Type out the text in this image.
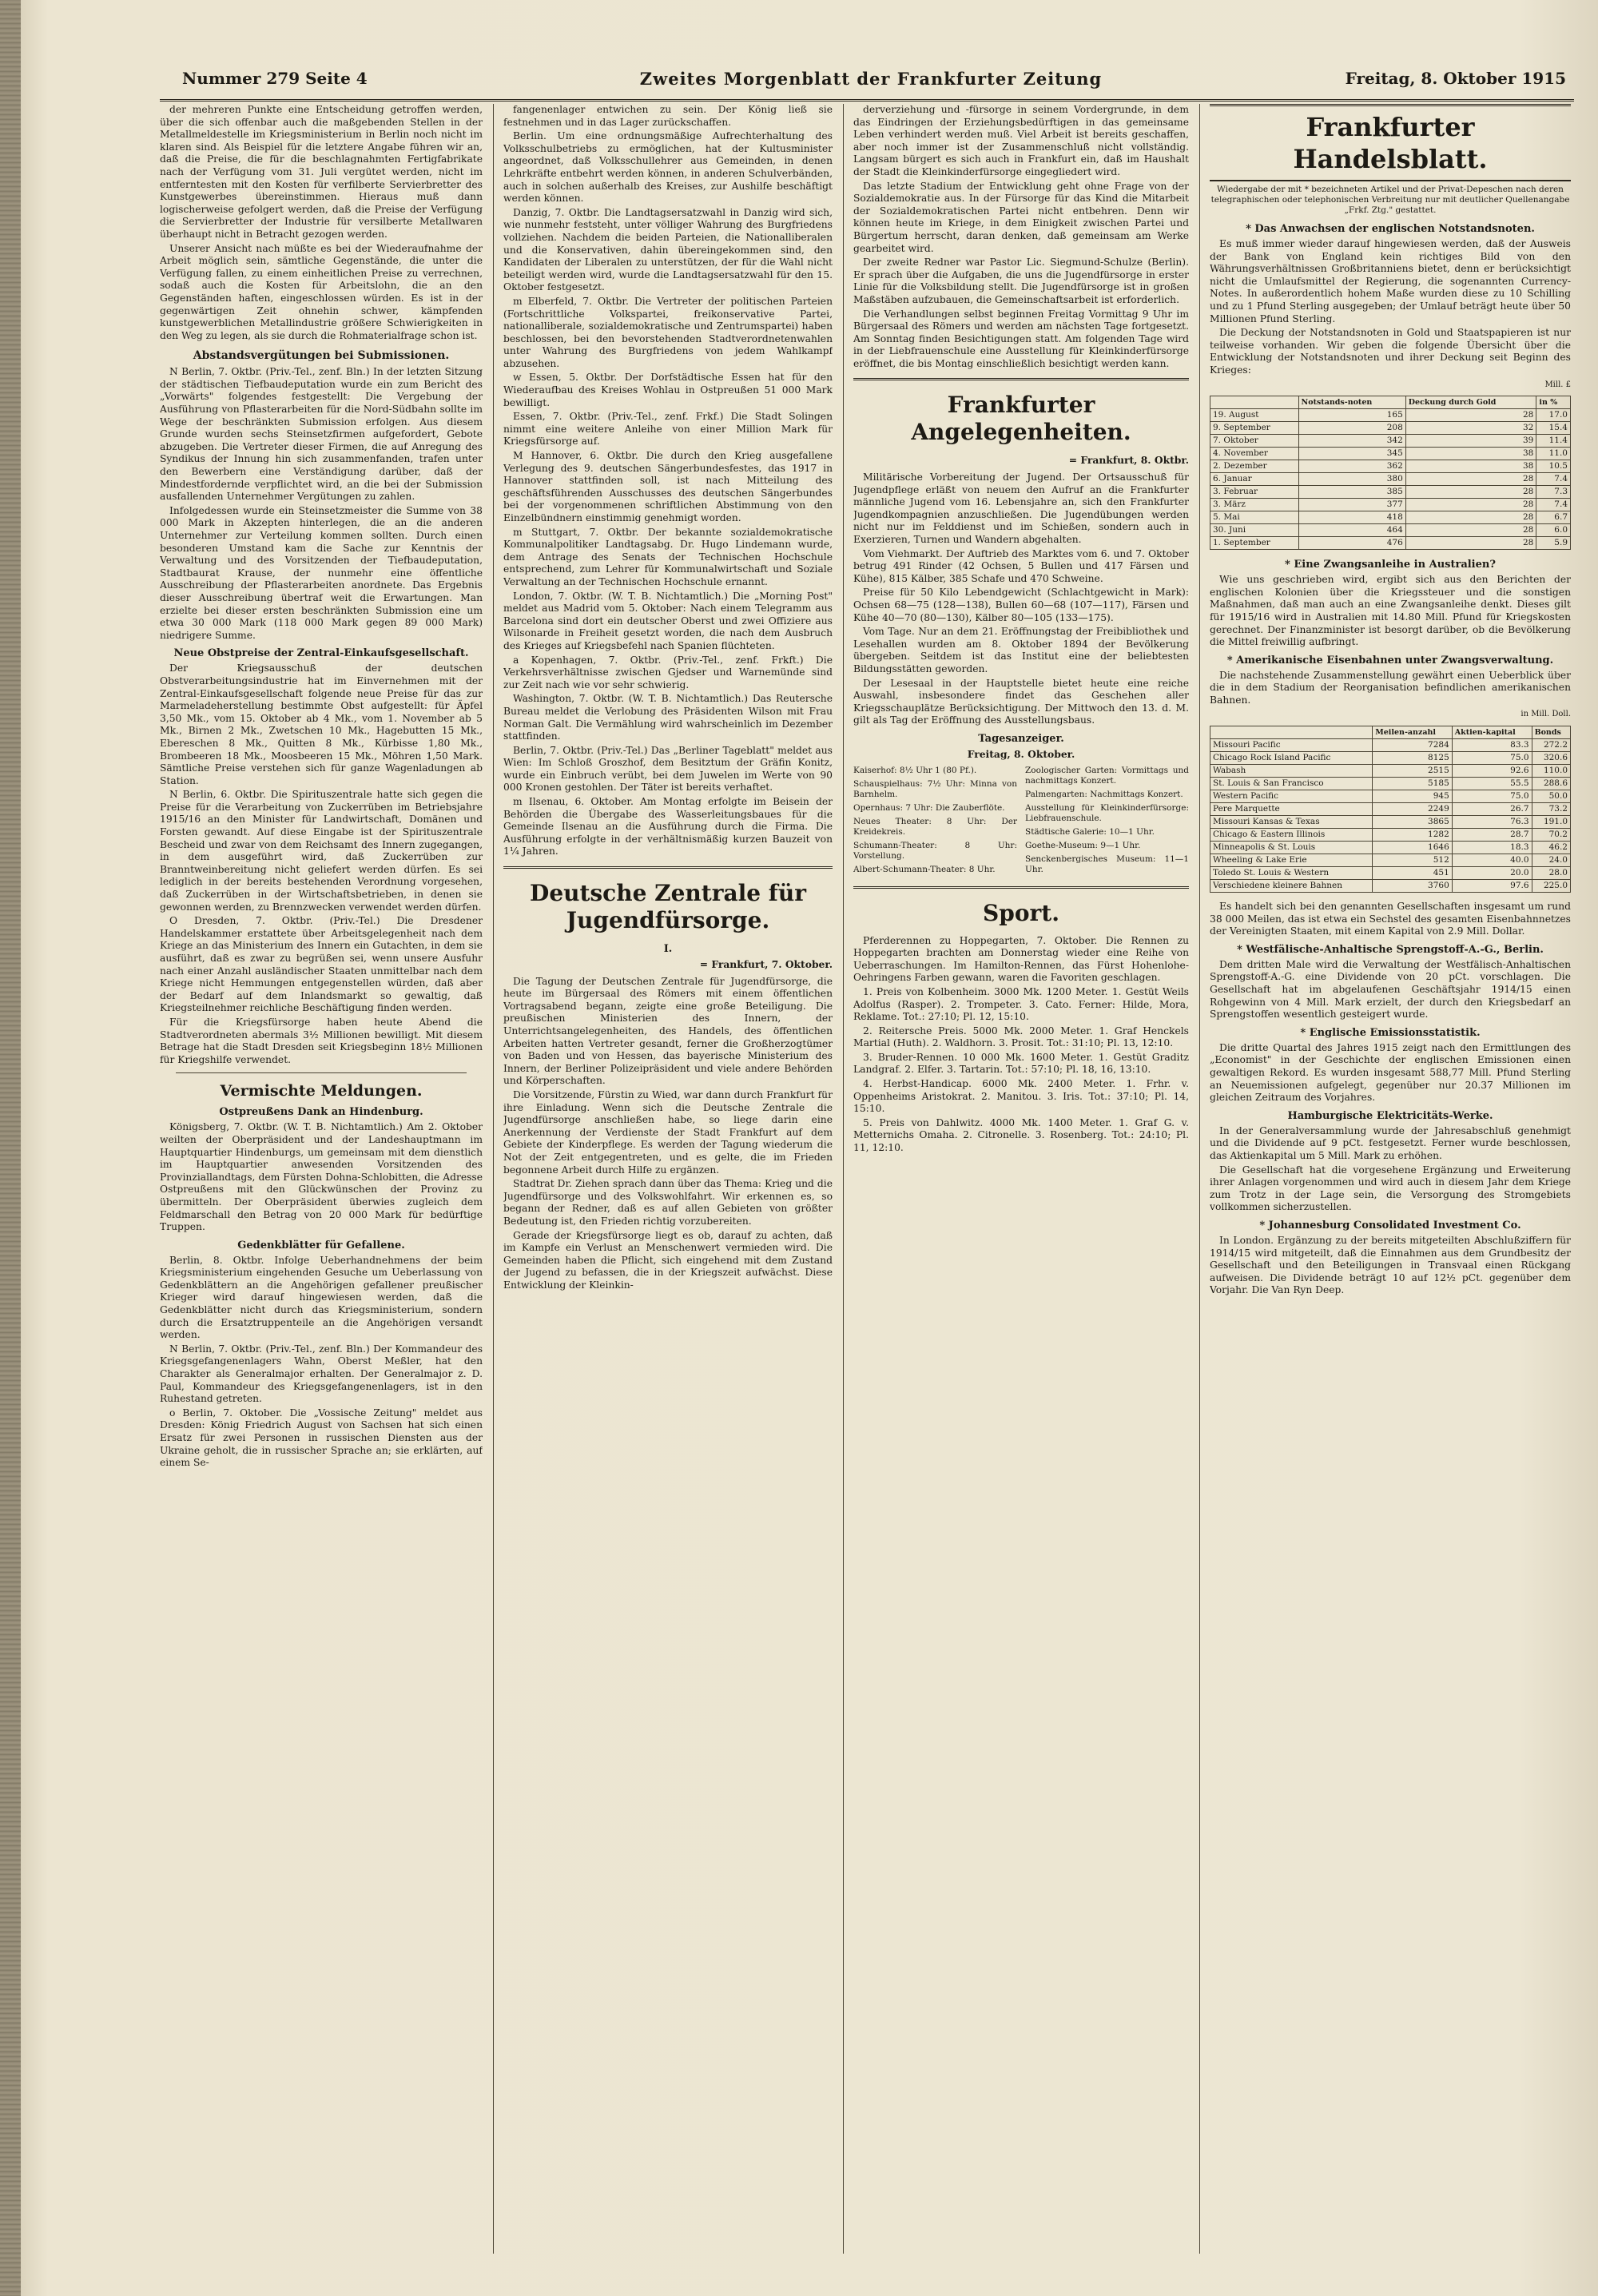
Nummer 279 Seite 4	Zweites Morgenblatt der Frankfurter Zeitung	Freitag, 8. Oktober 1915

der mehreren Punkte eine Entscheidung getroffen werden, über die sich offenbar auch die maßgebenden Stellen in der Metallmeldestelle im Kriegsministerium in Berlin noch nicht im klaren sind. Als Beispiel für die letztere Angabe führen wir an, daß die Preise, die für die beschlagnahmten Fertigfabrikate nach der Verfügung vom 31. Juli vergütet werden, nicht im entferntesten mit den Kosten für verfilberte Servierbretter des Kunstgewerbes übereinstimmen. Hieraus muß dann logischerweise gefolgert werden, daß die Preise der Verfügung die Servierbretter der Industrie für versilberte Metallwaren überhaupt nicht in Betracht gezogen werden.

Unserer Ansicht nach müßte es bei der Wiederaufnahme der Arbeit möglich sein, sämtliche Gegenstände, die unter die Verfügung fallen, zu einem einheitlichen Preise zu verrechnen, sodaß auch die Kosten für Arbeitslohn, die an den Gegenständen haften, eingeschlossen würden. Es ist in der gegenwärtigen Zeit ohnehin schwer, kämpfenden kunstgewerblichen Metallindustrie größere Schwierigkeiten in den Weg zu legen, als sie durch die Rohmaterialfrage schon ist.

Abstandsvergütungen bei Submissionen.

N Berlin, 7. Oktbr. (Priv.-Tel., zenf. Bln.) In der letzten Sitzung der städtischen Tiefbaudeputation wurde ein zum Bericht des „Vorwärts" folgendes festgestellt: Die Vergebung der Ausführung von Pflasterarbeiten für die Nord-Südbahn sollte im Wege der beschränkten Submission erfolgen. Aus diesem Grunde wurden sechs Steinsetzfirmen aufgefordert, Gebote abzugeben. Die Vertreter dieser Firmen, die auf Anregung des Syndikus der Innung hin sich zusammenfanden, trafen unter den Bewerbern eine Verständigung darüber, daß der Mindestfordernde verpflichtet wird, an die bei der Submission ausfallenden Unternehmer Vergütungen zu zahlen.

Infolgedessen wurde ein Steinsetzmeister die Summe von 38 000 Mark in Akzepten hinterlegen, die an die anderen Unternehmer zur Verteilung kommen sollten. Durch einen besonderen Umstand kam die Sache zur Kenntnis der Verwaltung und des Vorsitzenden der Tiefbaudeputation, Stadtbaurat Krause, der nunmehr eine öffentliche Ausschreibung der Pflasterarbeiten anordnete. Das Ergebnis dieser Ausschreibung übertraf weit die Erwartungen. Man erzielte bei dieser ersten beschränkten Submission eine um etwa 30 000 Mark (118 000 Mark gegen 89 000 Mark) niedrigere Summe.

Neue Obstpreise der Zentral-Einkaufsgesellschaft.

Der Kriegsausschuß der deutschen Obstverarbeitungsindustrie hat im Einvernehmen mit der Zentral-Einkaufsgesellschaft folgende neue Preise für das zur Marmeladeherstellung bestimmte Obst aufgestellt: für Äpfel 3,50 Mk., vom 15. Oktober ab 4 Mk., vom 1. November ab 5 Mk., Birnen 2 Mk., Zwetschen 10 Mk., Hagebutten 15 Mk., Ebereschen 8 Mk., Quitten 8 Mk., Kürbisse 1,80 Mk., Brombeeren 18 Mk., Moosbeeren 15 Mk., Möhren 1,50 Mark. Sämtliche Preise verstehen sich für ganze Wagenladungen ab Station.

N Berlin, 6. Oktbr. Die Spirituszentrale hatte sich gegen die Preise für die Verarbeitung von Zuckerrüben im Betriebsjahre 1915/16 an den Minister für Landwirtschaft, Domänen und Forsten gewandt. Auf diese Eingabe ist der Spirituszentrale Bescheid und zwar von dem Reichsamt des Innern zugegangen, in dem ausgeführt wird, daß Zuckerrüben zur Branntweinbereitung nicht geliefert werden dürfen. Es sei lediglich in der bereits bestehenden Verordnung vorgesehen, daß Zuckerrüben in der Wirtschaftsbetrieben, in denen sie gewonnen werden, zu Brennzwecken verwendet werden dürfen.

O Dresden, 7. Oktbr. (Priv.-Tel.) Die Dresdener Handelskammer erstattete über Arbeitsgelegenheit nach dem Kriege an das Ministerium des Innern ein Gutachten, in dem sie ausführt, daß es zwar zu begrüßen sei, wenn unsere Ausfuhr nach einer Anzahl ausländischer Staaten unmittelbar nach dem Kriege nicht Hemmungen entgegenstellen würden, daß aber der Bedarf auf dem Inlandsmarkt so gewaltig, daß Kriegsteilnehmer reichliche Beschäftigung finden werden.

Für die Kriegsfürsorge haben heute Abend die Stadtverordneten abermals 3½ Millionen bewilligt. Mit diesem Betrage hat die Stadt Dresden seit Kriegsbeginn 18½ Millionen für Kriegshilfe verwendet.

Vermischte Meldungen.
Ostpreußens Dank an Hindenburg.

Königsberg, 7. Oktbr. (W. T. B. Nichtamtlich.) Am 2. Oktober weilten der Oberpräsident und der Landeshauptmann im Hauptquartier Hindenburgs, um gemeinsam mit dem dienstlich im Hauptquartier anwesenden Vorsitzenden des Provinziallandtags, dem Fürsten Dohna-Schlobitten, die Adresse Ostpreußens mit den Glückwünschen der Provinz zu übermitteln. Der Oberpräsident überwies zugleich dem Feldmarschall den Betrag von 20 000 Mark für bedürftige Truppen.

Gedenkblätter für Gefallene.

Berlin, 8. Oktbr. Infolge Ueberhandnehmens der beim Kriegsministerium eingehenden Gesuche um Ueberlassung von Gedenkblättern an die Angehörigen gefallener preußischer Krieger wird darauf hingewiesen werden, daß die Gedenkblätter nicht durch das Kriegsministerium, sondern durch die Ersatztruppenteile an die Angehörigen versandt werden.

N Berlin, 7. Oktbr. (Priv.-Tel., zenf. Bln.) Der Kommandeur des Kriegsgefangenenlagers Wahn, Oberst Meßler, hat den Charakter als Generalmajor erhalten. Der Generalmajor z. D. Paul, Kommandeur des Kriegsgefangenenlagers, ist in den Ruhestand getreten.

o Berlin, 7. Oktober. Die „Vossische Zeitung" meldet aus Dresden: König Friedrich August von Sachsen hat sich einen Ersatz für zwei Personen in russischen Diensten aus der Ukraine geholt, die in russischer Sprache an; sie erklärten, auf einem Se-

fangenenlager entwichen zu sein. Der König ließ sie festnehmen und in das Lager zurückschaffen.

Berlin. Um eine ordnungsmäßige Aufrechterhaltung des Volksschulbetriebs zu ermöglichen, hat der Kultusminister angeordnet, daß Volksschullehrer aus Gemeinden, in denen Lehrkräfte entbehrt werden können, in anderen Schulverbänden, auch in solchen außerhalb des Kreises, zur Aushilfe beschäftigt werden können.

Danzig, 7. Oktbr. Die Landtagsersatzwahl in Danzig wird sich, wie nunmehr feststeht, unter völliger Wahrung des Burgfriedens vollziehen. Nachdem die beiden Parteien, die Nationalliberalen und die Konservativen, dahin übereingekommen sind, den Kandidaten der Liberalen zu unterstützen, der für die Wahl nicht beteiligt werden wird, wurde die Landtagsersatzwahl für den 15. Oktober festgesetzt.

m Elberfeld, 7. Oktbr. Die Vertreter der politischen Parteien (Fortschrittliche Volkspartei, freikonservative Partei, nationalliberale, sozialdemokratische und Zentrumspartei) haben beschlossen, bei den bevorstehenden Stadtverordnetenwahlen unter Wahrung des Burgfriedens von jedem Wahlkampf abzusehen.

w Essen, 5. Oktbr. Der Dorfstädtische Essen hat für den Wiederaufbau des Kreises Wohlau in Ostpreußen 51 000 Mark bewilligt.

Essen, 7. Oktbr. (Priv.-Tel., zenf. Frkf.) Die Stadt Solingen nimmt eine weitere Anleihe von einer Million Mark für Kriegsfürsorge auf.

M Hannover, 6. Oktbr. Die durch den Krieg ausgefallene Verlegung des 9. deutschen Sängerbundesfestes, das 1917 in Hannover stattfinden soll, ist nach Mitteilung des geschäftsführenden Ausschusses des deutschen Sängerbundes bei der vorgenommenen schriftlichen Abstimmung von den Einzelbündnern einstimmig genehmigt worden.

m Stuttgart, 7. Oktbr. Der bekannte sozialdemokratische Kommunalpolitiker Landtagsabg. Dr. Hugo Lindemann wurde, dem Antrage des Senats der Technischen Hochschule entsprechend, zum Lehrer für Kommunalwirtschaft und Soziale Verwaltung an der Technischen Hochschule ernannt.

London, 7. Oktbr. (W. T. B. Nichtamtlich.) Die „Morning Post" meldet aus Madrid vom 5. Oktober: Nach einem Telegramm aus Barcelona sind dort ein deutscher Oberst und zwei Offiziere aus Wilsonarde in Freiheit gesetzt worden, die nach dem Ausbruch des Krieges auf Kriegsbefehl nach Spanien flüchteten.

a Kopenhagen, 7. Oktbr. (Priv.-Tel., zenf. Frkft.) Die Verkehrsverhältnisse zwischen Gjedser und Warnemünde sind zur Zeit nach wie vor sehr schwierig.

Washington, 7. Oktbr. (W. T. B. Nichtamtlich.) Das Reutersche Bureau meldet die Verlobung des Präsidenten Wilson mit Frau Norman Galt. Die Vermählung wird wahrscheinlich im Dezember stattfinden.

Berlin, 7. Oktbr. (Priv.-Tel.) Das „Berliner Tageblatt" meldet aus Wien: Im Schloß Groszhof, dem Besitztum der Gräfin Konitz, wurde ein Einbruch verübt, bei dem Juwelen im Werte von 90 000 Kronen gestohlen. Der Täter ist bereits verhaftet.

m Ilsenau, 6. Oktober. Am Montag erfolgte im Beisein der Behörden die Übergabe des Wasserleitungsbaues für die Gemeinde Ilsenau an die Ausführung durch die Firma. Die Ausführung erfolgte in der verhältnismäßig kurzen Bauzeit von 1¼ Jahren.

Deutsche Zentrale für Jugendfürsorge.
I.

= Frankfurt, 7. Oktober.

Die Tagung der Deutschen Zentrale für Jugendfürsorge, die heute im Bürgersaal des Römers mit einem öffentlichen Vortragsabend begann, zeigte eine große Beteiligung. Die preußischen Ministerien des Innern, der Unterrichtsangelegenheiten, des Handels, des öffentlichen Arbeiten hatten Vertreter gesandt, ferner die Großherzogtümer von Baden und von Hessen, das bayerische Ministerium des Innern, der Berliner Polizeipräsident und viele andere Behörden und Körperschaften.

Die Vorsitzende, Fürstin zu Wied, war dann durch Frankfurt für ihre Einladung. Wenn sich die Deutsche Zentrale die Jugendfürsorge anschließen habe, so liege darin eine Anerkennung der Verdienste der Stadt Frankfurt auf dem Gebiete der Kinderpflege. Es werden der Tagung wiederum die Not der Zeit entgegentreten, und es gelte, die im Frieden begonnene Arbeit durch Hilfe zu ergänzen.

Stadtrat Dr. Ziehen sprach dann über das Thema: Krieg und die Jugendfürsorge und des Volkswohlfahrt. Wir erkennen es, so begann der Redner, daß es auf allen Gebieten von größter Bedeutung ist, den Frieden richtig vorzubereiten.

Gerade der Kriegsfürsorge liegt es ob, darauf zu achten, daß im Kampfe ein Verlust an Menschenwert vermieden wird. Die Gemeinden haben die Pflicht, sich eingehend mit dem Zustand der Jugend zu befassen, die in der Kriegszeit aufwächst. Diese Entwicklung der Kleinkin-

derverziehung und -fürsorge in seinem Vordergrunde, in dem das Eindringen der Erziehungsbedürftigen in das gemeinsame Leben verhindert werden muß. Viel Arbeit ist bereits geschaffen, aber noch immer ist der Zusammenschluß nicht vollständig. Langsam bürgert es sich auch in Frankfurt ein, daß im Haushalt der Stadt die Kleinkinderfürsorge eingegliedert wird.

Das letzte Stadium der Entwicklung geht ohne Frage von der Sozialdemokratie aus. In der Fürsorge für das Kind die Mitarbeit der Sozialdemokratischen Partei nicht entbehren. Denn wir können heute im Kriege, in dem Einigkeit zwischen Partei und Bürgertum herrscht, daran denken, daß gemeinsam am Werke gearbeitet wird.

Der zweite Redner war Pastor Lic. Siegmund-Schulze (Berlin). Er sprach über die Aufgaben, die uns die Jugendfürsorge in erster Linie für die Volksbildung stellt. Die Jugendfürsorge ist in großen Maßstäben aufzubauen, die Gemeinschaftsarbeit ist erforderlich.

Die Verhandlungen selbst beginnen Freitag Vormittag 9 Uhr im Bürgersaal des Römers und werden am nächsten Tage fortgesetzt. Am Sonntag finden Besichtigungen statt. Am folgenden Tage wird in der Liebfrauenschule eine Ausstellung für Kleinkinderfürsorge eröffnet, die bis Montag einschließlich besichtigt werden kann.

Frankfurter Angelegenheiten.

= Frankfurt, 8. Oktbr.

Militärische Vorbereitung der Jugend. Der Ortsausschuß für Jugendpflege erläßt von neuem den Aufruf an die Frankfurter männliche Jugend vom 16. Lebensjahre an, sich den Frankfurter Jugendkompagnien anzuschließen. Die Jugendübungen werden nicht nur im Felddienst und im Schießen, sondern auch in Exerzieren, Turnen und Wandern abgehalten.

Vom Viehmarkt. Der Auftrieb des Marktes vom 6. und 7. Oktober betrug 491 Rinder (42 Ochsen, 5 Bullen und 417 Färsen und Kühe), 815 Kälber, 385 Schafe und 470 Schweine.

Preise für 50 Kilo Lebendgewicht (Schlachtgewicht in Mark): Ochsen 68—75 (128—138), Bullen 60—68 (107—117), Färsen und Kühe 40—70 (80—130), Kälber 80—105 (133—175).

Vom Tage. Nur an dem 21. Eröffnungstag der Freibibliothek und Lesehallen wurden am 8. Oktober 1894 der Bevölkerung übergeben. Seitdem ist das Institut eine der beliebtesten Bildungsstätten geworden.

Der Lesesaal in der Hauptstelle bietet heute eine reiche Auswahl, insbesondere findet das Geschehen aller Kriegsschauplätze Berücksichtigung. Der Mittwoch den 13. d. M. gilt als Tag der Eröffnung des Ausstellungsbaus.

Tagesanzeiger.

Freitag, 8. Oktober.

Kaiserhof: 8½ Uhr 1 (80 Pf.).
Schauspielhaus: 7½ Uhr: Minna von Barnhelm.
Opernhaus: 7 Uhr: Die Zauberflöte.
Neues Theater: 8 Uhr: Der Kreidekreis.
Schumann-Theater: 8 Uhr: Vorstellung.
Albert-Schumann-Theater: 8 Uhr.
Zoologischer Garten: Vormittags und nachmittags Konzert.
Palmengarten: Nachmittags Konzert.
Ausstellung für Kleinkinderfürsorge: Liebfrauenschule.
Städtische Galerie: 10—1 Uhr.
Goethe-Museum: 9—1 Uhr.
Senckenbergisches Museum: 11—1 Uhr.
Sport.

Pferderennen zu Hoppegarten, 7. Oktober. Die Rennen zu Hoppegarten brachten am Donnerstag wieder eine Reihe von Ueberraschungen. Im Hamilton-Rennen, das Fürst Hohenlohe-Oehringens Farben gewann, waren die Favoriten geschlagen.

1. Preis von Kolbenheim. 3000 Mk. 1200 Meter. 1. Gestüt Weils Adolfus (Rasper). 2. Trompeter. 3. Cato. Ferner: Hilde, Mora, Reklame. Tot.: 27:10; Pl. 12, 15:10.

2. Reitersche Preis. 5000 Mk. 2000 Meter. 1. Graf Henckels Martial (Huth). 2. Waldhorn. 3. Prosit. Tot.: 31:10; Pl. 13, 12:10.

3. Bruder-Rennen. 10 000 Mk. 1600 Meter. 1. Gestüt Graditz Landgraf. 2. Elfer. 3. Tartarin. Tot.: 57:10; Pl. 18, 16, 13:10.

4. Herbst-Handicap. 6000 Mk. 2400 Meter. 1. Frhr. v. Oppenheims Aristokrat. 2. Manitou. 3. Iris. Tot.: 37:10; Pl. 14, 15:10.

5. Preis von Dahlwitz. 4000 Mk. 1400 Meter. 1. Graf G. v. Metternichs Omaha. 2. Citronelle. 3. Rosenberg. Tot.: 24:10; Pl. 11, 12:10.

Frankfurter Handelsblatt.
Wiedergabe der mit * bezeichneten Artikel und der Privat-Depeschen nach deren telegraphischen oder telephonischen Verbreitung nur mit deutlicher Quellenangabe „Frkf. Ztg." gestattet.
* Das Anwachsen der englischen Notstandsnoten.

Es muß immer wieder darauf hingewiesen werden, daß der Ausweis der Bank von England kein richtiges Bild von den Währungsverhältnissen Großbritanniens bietet, denn er berücksichtigt nicht die Umlaufsmittel der Regierung, die sogenannten Currency-Notes. In außerordentlich hohem Maße wurden diese zu 10 Schilling und zu 1 Pfund Sterling ausgegeben; der Umlauf beträgt heute über 50 Millionen Pfund Sterling.

Die Deckung der Notstandsnoten in Gold und Staatspapieren ist nur teilweise vorhanden. Wir geben die folgende Übersicht über die Entwicklung der Notstandsnoten und ihrer Deckung seit Beginn des Krieges:

Mill. £
	Notstands-noten	Deckung durch Gold	in %
19. August	165	28	17.0
9. September	208	32	15.4
7. Oktober	342	39	11.4
4. November	345	38	11.0
2. Dezember	362	38	10.5
6. Januar	380	28	7.4
3. Februar	385	28	7.3
3. März	377	28	7.4
5. Mai	418	28	6.7
30. Juni	464	28	6.0
1. September	476	28	5.9
* Eine Zwangsanleihe in Australien?

Wie uns geschrieben wird, ergibt sich aus den Berichten der englischen Kolonien über die Kriegssteuer und die sonstigen Maßnahmen, daß man auch an eine Zwangsanleihe denkt. Dieses gilt für 1915/16 wird in Australien mit 14.80 Mill. Pfund für Kriegskosten gerechnet. Der Finanzminister ist besorgt darüber, ob die Bevölkerung die Mittel freiwillig aufbringt.

* Amerikanische Eisenbahnen unter Zwangsverwaltung.

Die nachstehende Zusammenstellung gewährt einen Ueberblick über die in dem Stadium der Reorganisation befindlichen amerikanischen Bahnen.

in Mill. Doll.
	Meilen-anzahl	Aktien-kapital	Bonds
Missouri Pacific	7284	83.3	272.2
Chicago Rock Island Pacific	8125	75.0	320.6
Wabash	2515	92.6	110.0
St. Louis & San Francisco	5185	55.5	288.6
Western Pacific	945	75.0	50.0
Pere Marquette	2249	26.7	73.2
Missouri Kansas & Texas	3865	76.3	191.0
Chicago & Eastern Illinois	1282	28.7	70.2
Minneapolis & St. Louis	1646	18.3	46.2
Wheeling & Lake Erie	512	40.0	24.0
Toledo St. Louis & Western	451	20.0	28.0
Verschiedene kleinere Bahnen	3760	97.6	225.0

Es handelt sich bei den genannten Gesellschaften insgesamt um rund 38 000 Meilen, das ist etwa ein Sechstel des gesamten Eisenbahnnetzes der Vereinigten Staaten, mit einem Kapital von 2.9 Mill. Dollar.

* Westfälische-Anhaltische Sprengstoff-A.-G., Berlin.

Dem dritten Male wird die Verwaltung der Westfälisch-Anhaltischen Sprengstoff-A.-G. eine Dividende von 20 pCt. vorschlagen. Die Gesellschaft hat im abgelaufenen Geschäftsjahr 1914/15 einen Rohgewinn von 4 Mill. Mark erzielt, der durch den Kriegsbedarf an Sprengstoffen wesentlich gesteigert wurde.

* Englische Emissionsstatistik.

Die dritte Quartal des Jahres 1915 zeigt nach den Ermittlungen des „Economist" in der Geschichte der englischen Emissionen einen gewaltigen Rekord. Es wurden insgesamt 588,77 Mill. Pfund Sterling an Neuemissionen aufgelegt, gegenüber nur 20.37 Millionen im gleichen Zeitraum des Vorjahres.

Hamburgische Elektricitäts-Werke.

In der Generalversammlung wurde der Jahresabschluß genehmigt und die Dividende auf 9 pCt. festgesetzt. Ferner wurde beschlossen, das Aktienkapital um 5 Mill. Mark zu erhöhen.

Die Gesellschaft hat die vorgesehene Ergänzung und Erweiterung ihrer Anlagen vorgenommen und wird auch in diesem Jahr dem Kriege zum Trotz in der Lage sein, die Versorgung des Stromgebiets vollkommen sicherzustellen.

* Johannesburg Consolidated Investment Co.

In London. Ergänzung zu der bereits mitgeteilten Abschlußziffern für 1914/15 wird mitgeteilt, daß die Einnahmen aus dem Grundbesitz der Gesellschaft und den Beteiligungen in Transvaal einen Rückgang aufweisen. Die Dividende beträgt 10 auf 12½ pCt. gegenüber dem Vorjahr. Die Van Ryn Deep.
